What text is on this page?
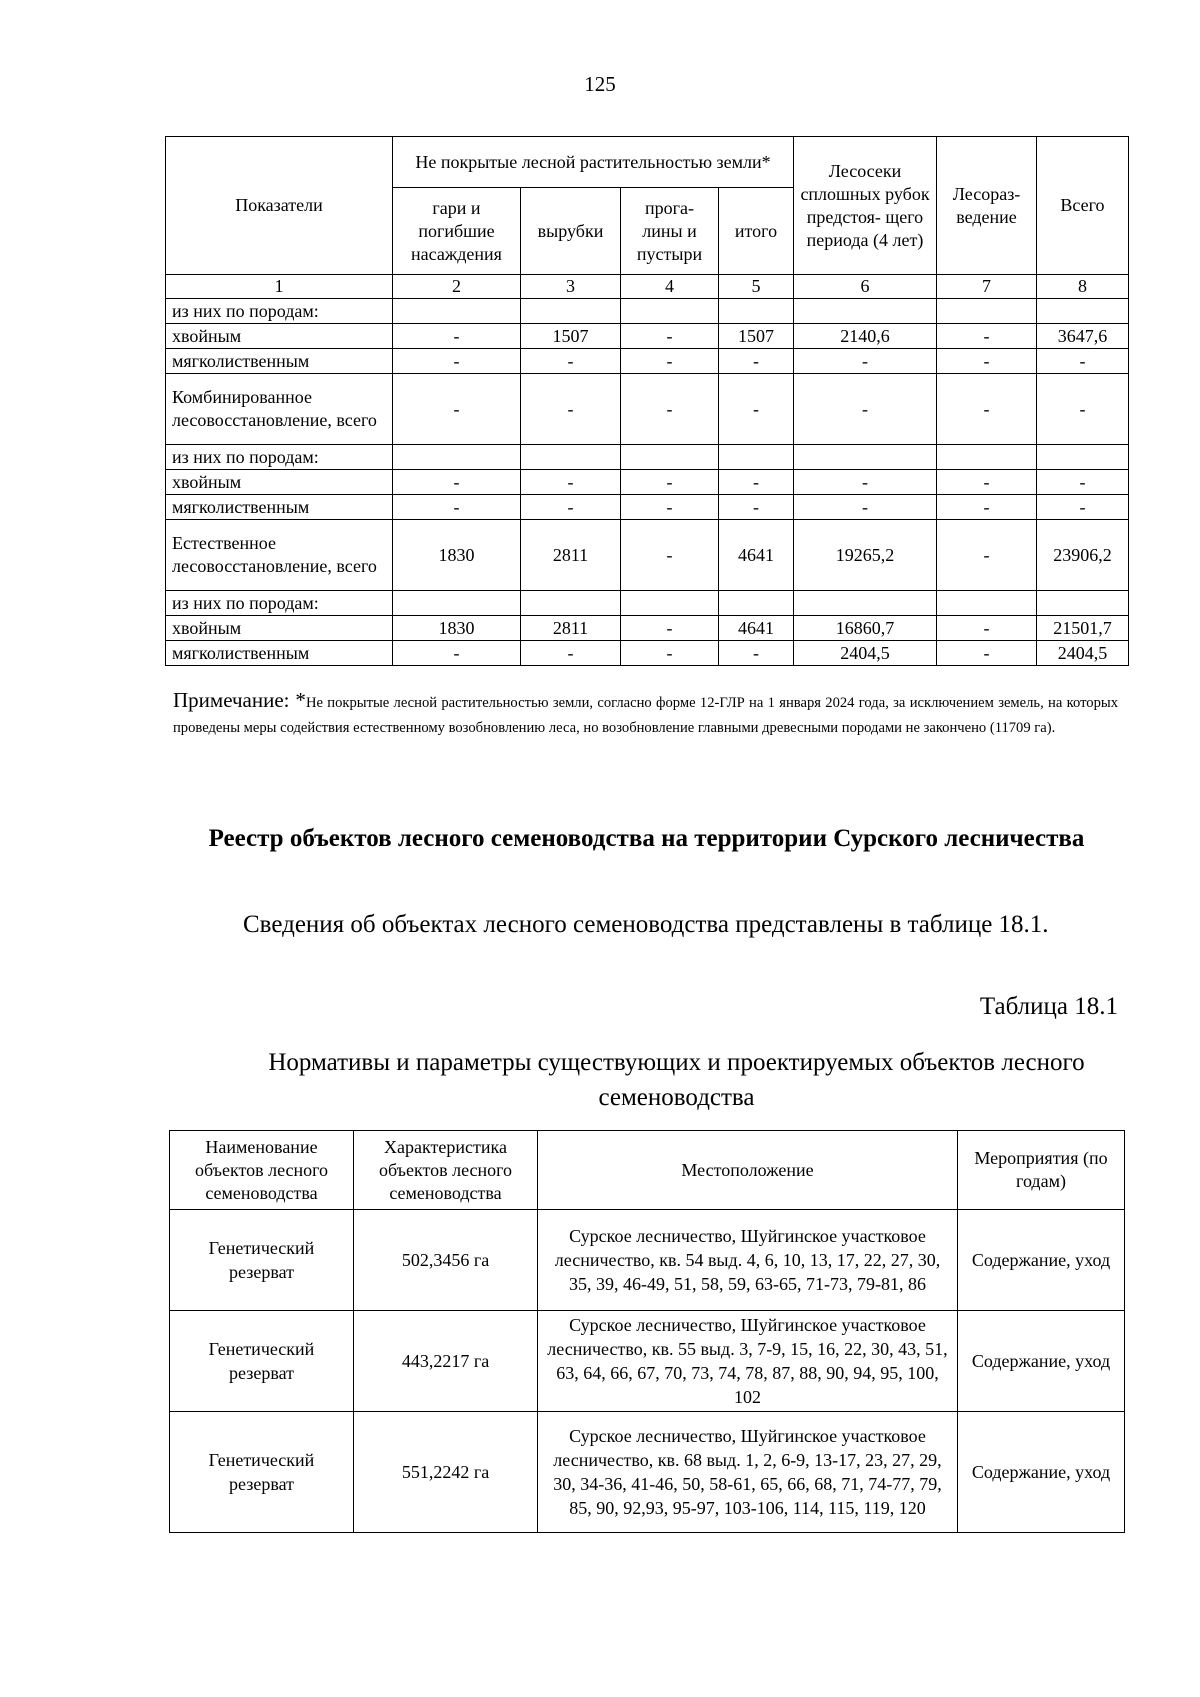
125
Показатели	Не покрытые лесной растительностью земли*				Лесосеки сплошных рубок предстоя- щего периода (4 лет)	Лесораз- ведение	Всего
	гари и погибшие насаждения	вырубки	прога- лины и пустыри	итого			
1	2	3	4	5	6	7	8
из них по породам:							
хвойным	-	1507	-	1507	2140,6	-	3647,6
мягколиственным	-	-	-	-	-	-	-
Комбинированное лесовосстановление, всего	-	-	-	-	-	-	-
из них по породам:							
хвойным	-	-	-	-	-	-	-
мягколиственным	-	-	-	-	-	-	-
Естественное лесовосстановление, всего	1830	2811	-	4641	19265,2	-	23906,2
из них по породам:							
хвойным	1830	2811	-	4641	16860,7	-	21501,7
мягколиственным	-	-	-	-	2404,5	-	2404,5
Примечание: *Не покрытые лесной растительностью земли, согласно форме 12-ГЛР на 1 января 2024 года, за исключением земель, на которых проведены меры содействия естественному возобновлению леса, но возобновление главными древесными породами не закончено (11709 га).
Реестр объектов лесного семеноводства на территории Сурского лесничества
Сведения об объектах лесного семеноводства представлены в таблице 18.1.
Таблица 18.1
Нормативы и параметры существующих и проектируемых объектов лесного семеноводства
Наименование объектов лесного семеноводства	Характеристика объектов лесного семеноводства	Местоположение	Мероприятия (по годам)
Генетический резерват	502,3456 га	Сурское лесничество, Шуйгинское участковое лесничество, кв. 54 выд. 4, 6, 10, 13, 17, 22, 27, 30, 35, 39, 46-49, 51, 58, 59, 63-65, 71-73, 79-81, 86	Содержание, уход
Генетический резерват	443,2217 га	Сурское лесничество, Шуйгинское участковое лесничество, кв. 55 выд. 3, 7-9, 15, 16, 22, 30, 43, 51, 63, 64, 66, 67, 70, 73, 74, 78, 87, 88, 90, 94, 95, 100, 102	Содержание, уход
Генетический резерват	551,2242 га	Сурское лесничество, Шуйгинское участковое лесничество, кв. 68 выд. 1, 2, 6-9, 13-17, 23, 27, 29, 30, 34-36, 41-46, 50, 58-61, 65, 66, 68, 71, 74-77, 79, 85, 90, 92,93, 95-97, 103-106, 114, 115, 119, 120	Содержание, уход
